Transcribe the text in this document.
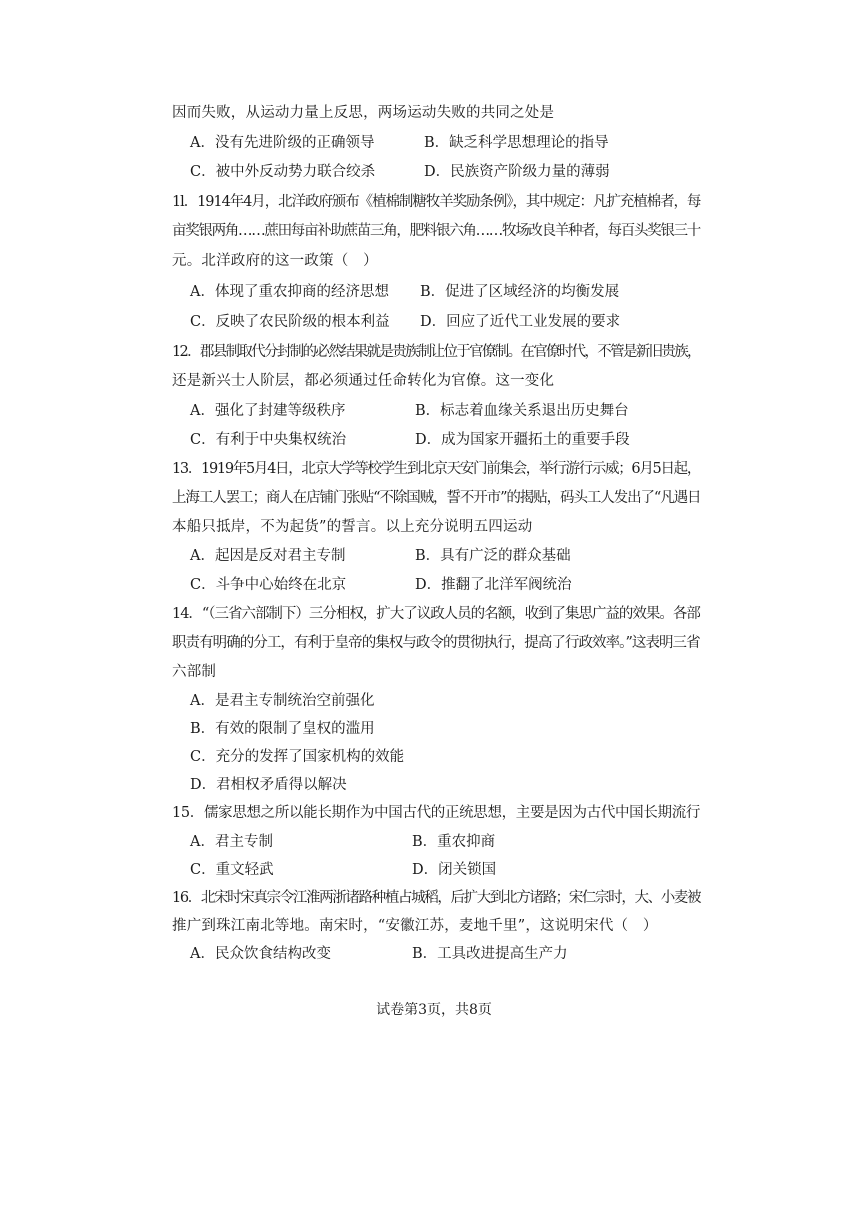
因而失败，从运动力量上反思，两场运动失败的共同之处是
A．没有先进阶级的正确领导	B．缺乏科学思想理论的指导
C．被中外反动势力联合绞杀	D．民族资产阶级力量的薄弱
1l．1914年4月，北洋政府颁布《植棉制糖牧羊奖励条例》，其中规定：凡扩充植棉者，每
亩奖银两角……蔗田每亩补助蔗苗三角，肥料银六角……牧场改良羊种者，每百头奖银三十
元。北洋政府的这一政策（　）
A．体现了重农抑商的经济思想 B．促进了区域经济的均衡发展
C．反映了农民阶级的根本利益 D．回应了近代工业发展的要求
12．郡县制取代分封制的必然结果就是贵族制让位于官僚制。在官僚时代，不管是新旧贵族，
还是新兴士人阶层，都必须通过任命转化为官僚。这一变化
A．强化了封建等级秩序	B．标志着血缘关系退出历史舞台
C．有利于中央集权统治	D．成为国家开疆拓土的重要手段
13．1919年5月4日，北京大学等校学生到北京天安门前集会，举行游行示威；6月5日起，
上海工人罢工；商人在店铺门张贴“不除国贼，誓不开市”的揭贴，码头工人发出了“凡遇日
本船只抵岸，不为起货”的誓言。以上充分说明五四运动
A．起因是反对君主专制	B．具有广泛的群众基础
C．斗争中心始终在北京	D．推翻了北洋军阀统治
14．“（三省六部制下）三分相权，扩大了议政人员的名额，收到了集思广益的效果。各部
职责有明确的分工，有利于皇帝的集权与政令的贯彻执行，提高了行政效率。”这表明三省
六部制
A．是君主专制统治空前强化
B．有效的限制了皇权的滥用
C．充分的发挥了国家机构的效能
D．君相权矛盾得以解决
15．儒家思想之所以能长期作为中国古代的正统思想，主要是因为古代中国长期流行
A．君主专制	B．重农抑商
C．重文轻武	D．闭关锁国
16．北宋时宋真宗令江淮两浙诸路种植占城稻，后扩大到北方诸路；宋仁宗时，大、小麦被
推广到珠江南北等地。南宋时，“安徽江苏，麦地千里”，这说明宋代（　）
A．民众饮食结构改变	B．工具改进提高生产力
试卷第3页，共8页
